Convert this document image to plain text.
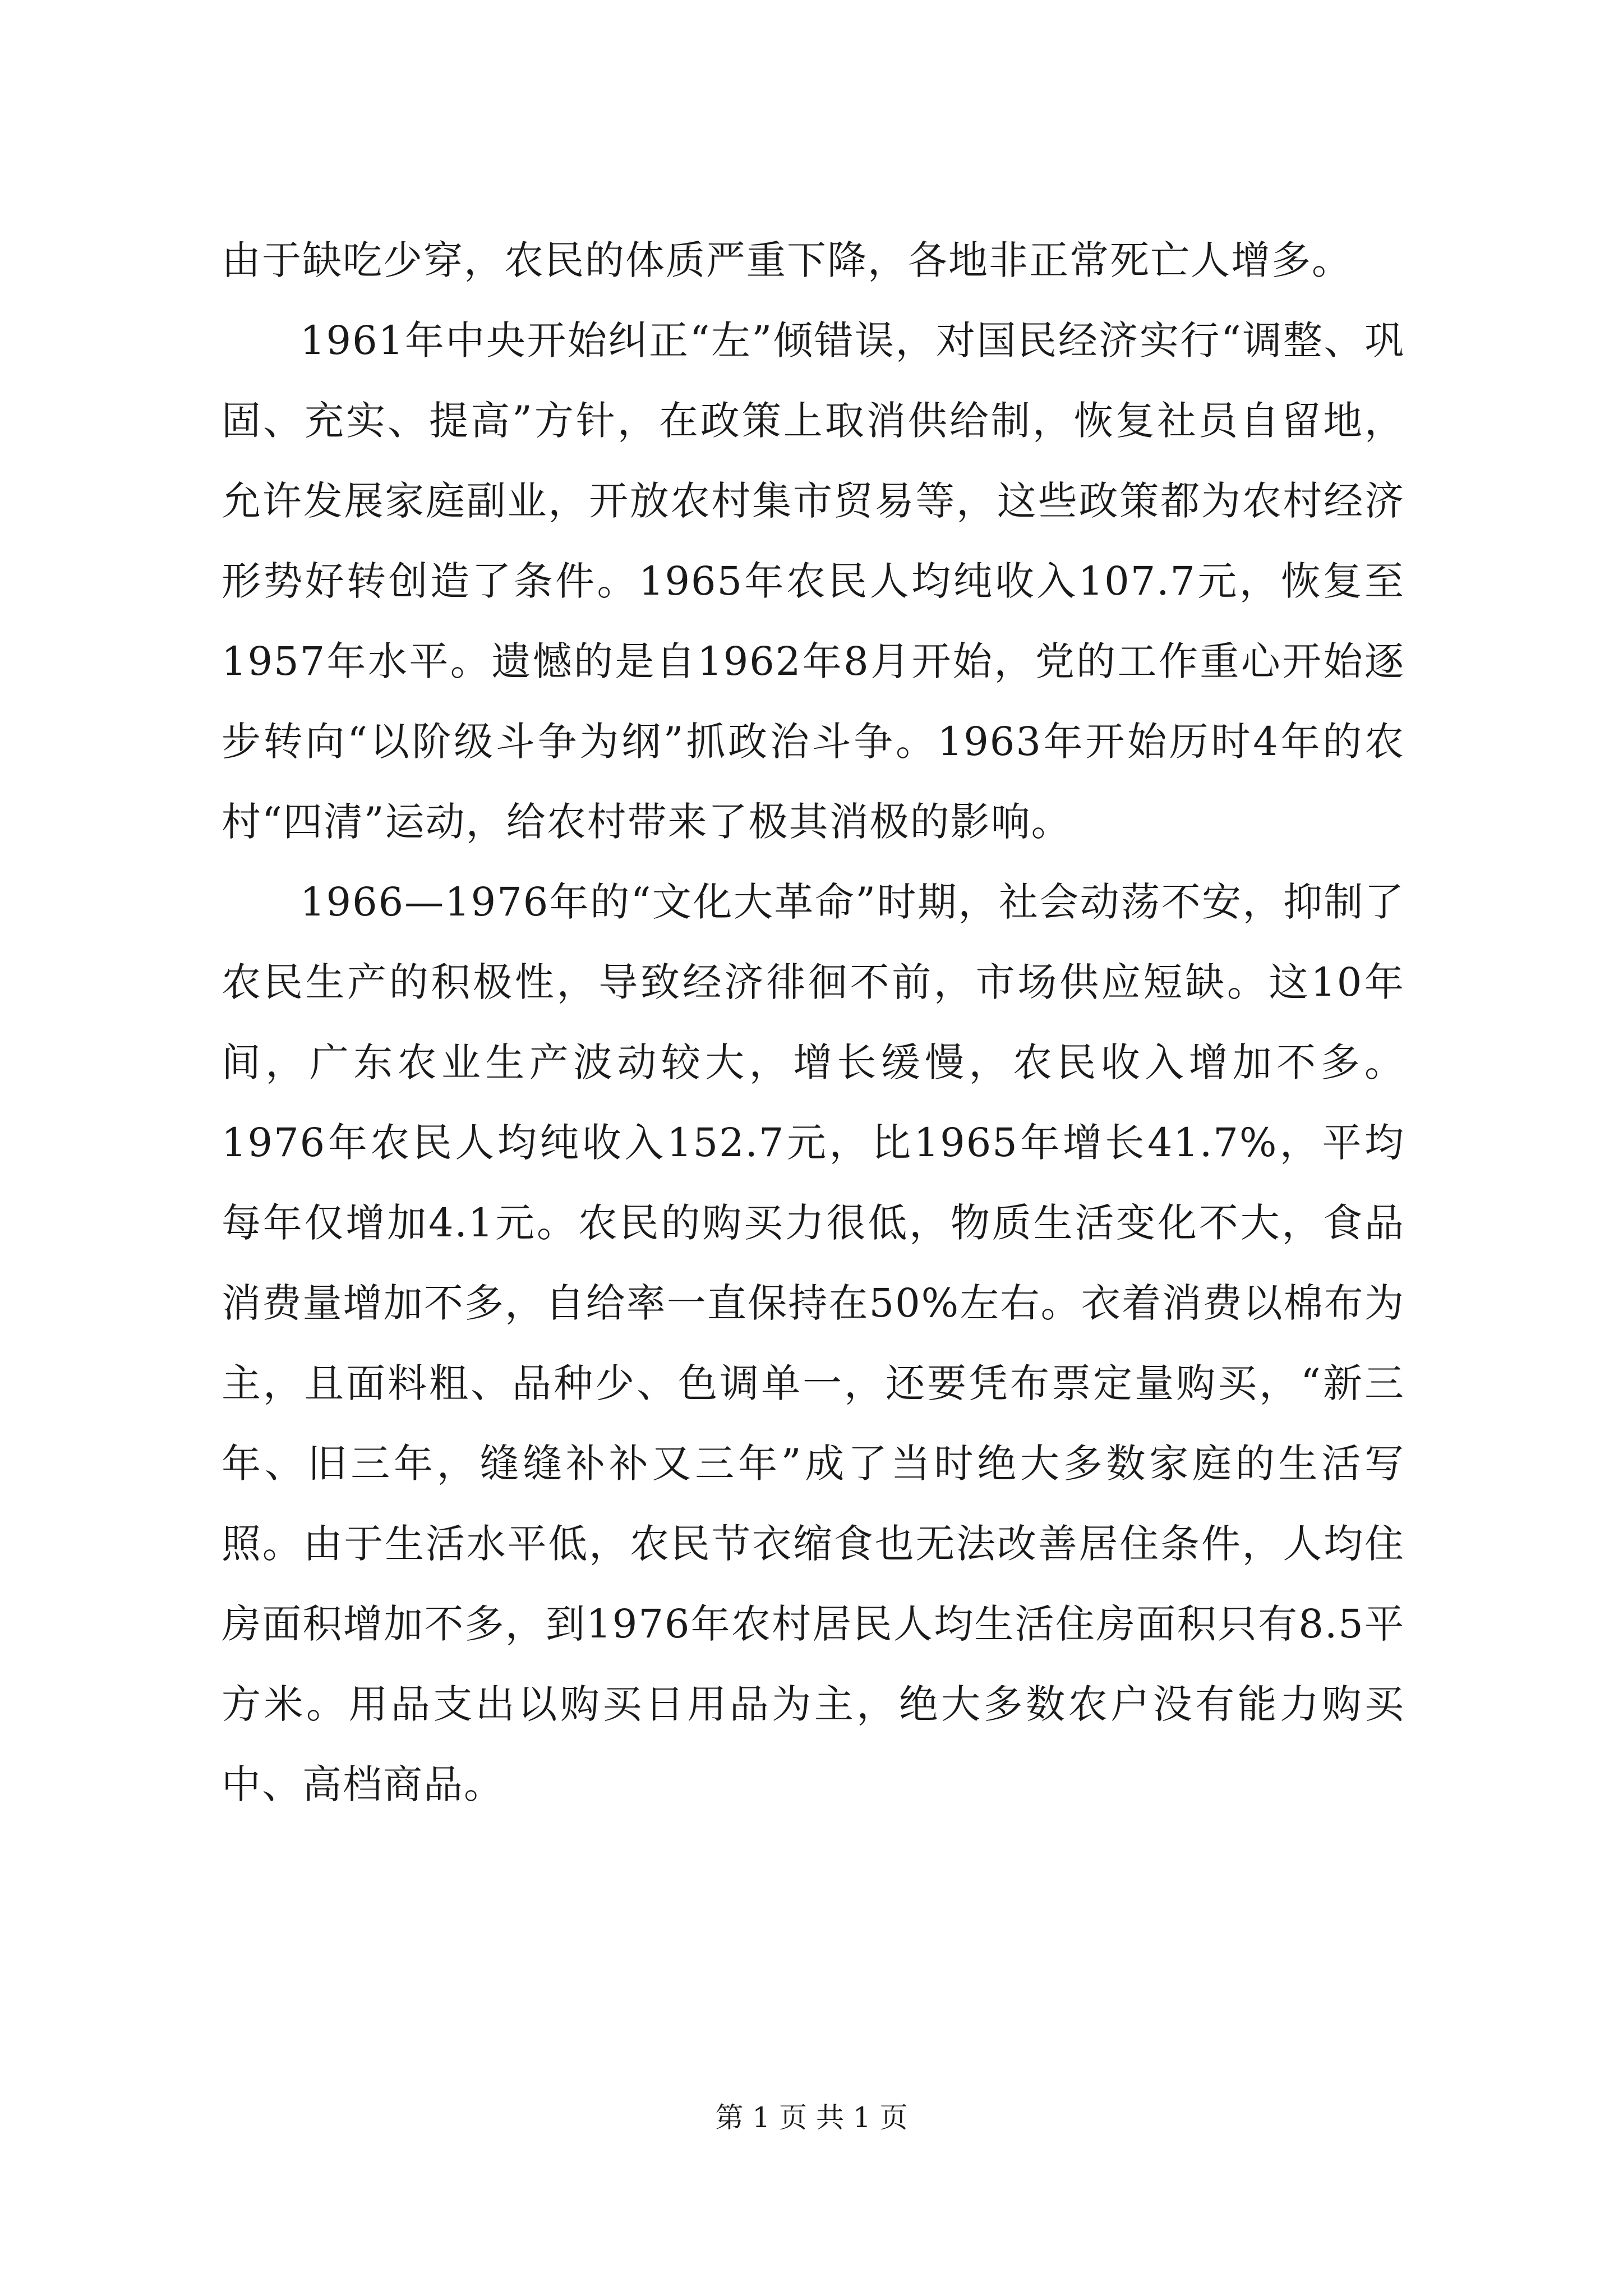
由于缺吃少穿，农民的体质严重下降，各地非正常死亡人增多。

1961年中央开始纠正“左”倾错误，对国民经济实行“调整、巩固、充实、提高”方针，在政策上取消供给制，恢复社员自留地，允许发展家庭副业，开放农村集市贸易等，这些政策都为农村经济形势好转创造了条件。1965年农民人均纯收入107.7元，恢复至1957年水平。遗憾的是自1962年8月开始，党的工作重心开始逐步转向“以阶级斗争为纲”抓政治斗争。1963年开始历时4年的农村“四清”运动，给农村带来了极其消极的影响。

1966—1976年的“文化大革命”时期，社会动荡不安，抑制了农民生产的积极性，导致经济徘徊不前，市场供应短缺。这10年间，广东农业生产波动较大，增长缓慢，农民收入增加不多。1976年农民人均纯收入152.7元，比1965年增长41.7%，平均每年仅增加4.1元。农民的购买力很低，物质生活变化不大，食品消费量增加不多，自给率一直保持在50%左右。衣着消费以棉布为主，且面料粗、品种少、色调单一，还要凭布票定量购买，“新三年、旧三年，缝缝补补又三年”成了当时绝大多数家庭的生活写照。由于生活水平低，农民节衣缩食也无法改善居住条件，人均住房面积增加不多，到1976年农村居民人均生活住房面积只有8.5平方米。用品支出以购买日用品为主，绝大多数农户没有能力购买中、高档商品。

第 1 页 共 1 页
